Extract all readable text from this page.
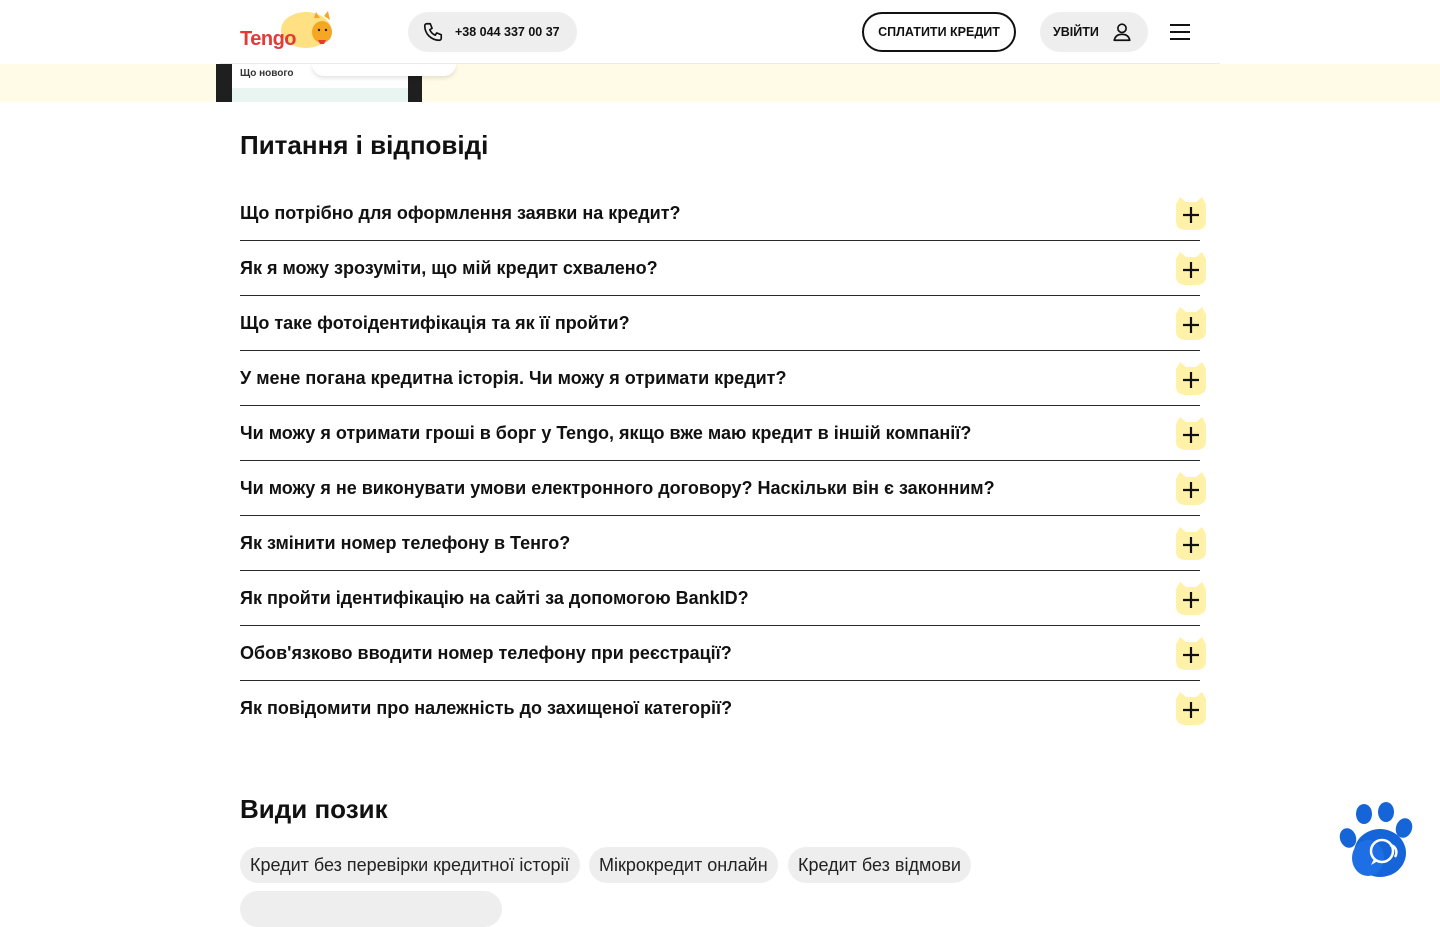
Tengo	+38 044 337 00 37	СПЛАТИТИ КРЕДИТ	УВІЙТИ
Що нового
Питання і відповіді
Що потрібно для оформлення заявки на кредит?
Як я можу зрозуміти, що мій кредит схвалено?
Що таке фотоідентифікація та як її пройти?
У мене погана кредитна історія. Чи можу я отримати кредит?
Чи можу я отримати гроші в борг у Tengo, якщо вже маю кредит в іншій компанії?
Чи можу я не виконувати умови електронного договору? Наскільки він є законним?
Як змінити номер телефону в Тенго?
Як пройти ідентифікацію на сайті за допомогою BankID?
Обов'язково вводити номер телефону при реєстрації?
Як повідомити про належність до захищеної категорії?
Види позик
Кредит без перевірки кредитної історії	Мікрокредит онлайн	Кредит без відмови
